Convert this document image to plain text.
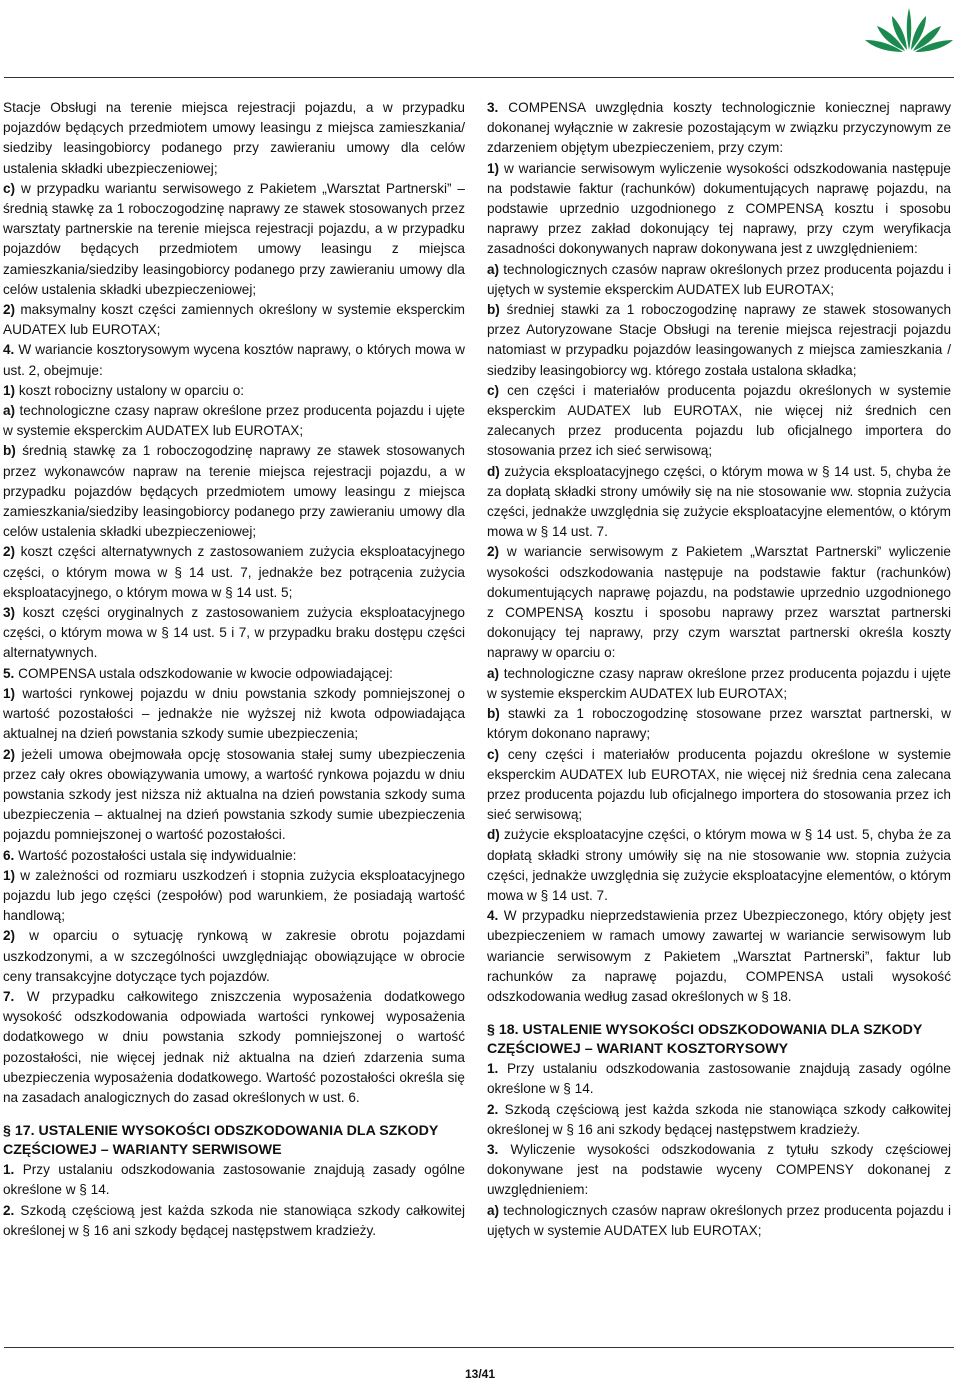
Stacje Obsługi na terenie miejsca rejestracji pojazdu, a w przypadku pojazdów będących przedmiotem umowy leasingu z miejsca zamieszkania/ siedziby leasingobiorcy podanego przy zawieraniu umowy dla celów ustalenia składki ubezpieczeniowej;

c) w przypadku wariantu serwisowego z Pakietem „Warsztat Partnerski” – średnią stawkę za 1 roboczogodzinę naprawy ze stawek stosowanych przez warsztaty partnerskie na terenie miejsca rejestracji pojazdu, a w przypadku pojazdów będących przedmiotem umowy leasingu z miejsca zamieszkania/siedziby leasingobiorcy podanego przy zawieraniu umowy dla celów ustalenia składki ubezpieczeniowej;

2) maksymalny koszt części zamiennych określony w systemie eksperckim AUDATEX lub EUROTAX;

4. W wariancie kosztorysowym wycena kosztów naprawy, o których mowa w ust. 2, obejmuje:

1) koszt robocizny ustalony w oparciu o:

a) technologiczne czasy napraw określone przez producenta pojazdu i ujęte w systemie eksperckim AUDATEX lub EUROTAX;

b) średnią stawkę za 1 roboczogodzinę naprawy ze stawek stosowanych przez wykonawców napraw na terenie miejsca rejestracji pojazdu, a w przypadku pojazdów będących przedmiotem umowy leasingu z miejsca zamieszkania/siedziby leasingobiorcy podanego przy zawieraniu umowy dla celów ustalenia składki ubezpieczeniowej;

2) koszt części alternatywnych z zastosowaniem zużycia eksploatacyjnego części, o którym mowa w § 14 ust. 7, jednakże bez potrącenia zużycia eksploatacyjnego, o którym mowa w § 14 ust. 5;

3) koszt części oryginalnych z zastosowaniem zużycia eksploatacyjnego części, o którym mowa w § 14 ust. 5 i 7, w przypadku braku dostępu części alternatywnych.

5. COMPENSA ustala odszkodowanie w kwocie odpowiadającej:

1) wartości rynkowej pojazdu w dniu powstania szkody pomniejszonej o wartość pozostałości – jednakże nie wyższej niż kwota odpowiadająca aktualnej na dzień powstania szkody sumie ubezpieczenia;

2) jeżeli umowa obejmowała opcję stosowania stałej sumy ubezpieczenia przez cały okres obowiązywania umowy, a wartość rynkowa pojazdu w dniu powstania szkody jest niższa niż aktualna na dzień powstania szkody suma ubezpieczenia – aktualnej na dzień powstania szkody sumie ubezpieczenia pojazdu pomniejszonej o wartość pozostałości.

6. Wartość pozostałości ustala się indywidualnie:

1) w zależności od rozmiaru uszkodzeń i stopnia zużycia eksploatacyjnego pojazdu lub jego części (zespołów) pod warunkiem, że posiadają wartość handlową;

2) w oparciu o sytuację rynkową w zakresie obrotu pojazdami uszkodzonymi, a w szczególności uwzględniając obowiązujące w obrocie ceny transakcyjne dotyczące tych pojazdów.

7. W przypadku całkowitego zniszczenia wyposażenia dodatkowego wysokość odszkodowania odpowiada wartości rynkowej wyposażenia dodatkowego w dniu powstania szkody pomniejszonej o wartość pozostałości, nie więcej jednak niż aktualna na dzień zdarzenia suma ubezpieczenia wyposażenia dodatkowego. Wartość pozostałości określa się na zasadach analogicznych do zasad określonych w ust. 6.

§ 17. USTALENIE WYSOKOŚCI ODSZKODOWANIA DLA SZKODY CZĘŚCIOWEJ – WARIANTY SERWISOWE

1. Przy ustalaniu odszkodowania zastosowanie znajdują zasady ogólne określone w § 14.

2. Szkodą częściową jest każda szkoda nie stanowiąca szkody całkowitej określonej w § 16 ani szkody będącej następstwem kradzieży.

3. COMPENSA uwzględnia koszty technologicznie koniecznej naprawy dokonanej wyłącznie w zakresie pozostającym w związku przyczynowym ze zdarzeniem objętym ubezpieczeniem, przy czym:

1) w wariancie serwisowym wyliczenie wysokości odszkodowania następuje na podstawie faktur (rachunków) dokumentujących naprawę pojazdu, na podstawie uprzednio uzgodnionego z COMPENSĄ kosztu i sposobu naprawy przez zakład dokonujący tej naprawy, przy czym weryfikacja zasadności dokonywanych napraw dokonywana jest z uwzględnieniem:

a) technologicznych czasów napraw określonych przez producenta pojazdu i ujętych w systemie eksperckim AUDATEX lub EUROTAX;

b) średniej stawki za 1 roboczogodzinę naprawy ze stawek stosowanych przez Autoryzowane Stacje Obsługi na terenie miejsca rejestracji pojazdu natomiast w przypadku pojazdów leasingowanych z miejsca zamieszkania / siedziby leasingobiorcy wg. którego została ustalona składka;

c) cen części i materiałów producenta pojazdu określonych w systemie eksperckim AUDATEX lub EUROTAX, nie więcej niż średnich cen zalecanych przez producenta pojazdu lub oficjalnego importera do stosowania przez ich sieć serwisową;

d) zużycia eksploatacyjnego części, o którym mowa w § 14 ust. 5, chyba że za dopłatą składki strony umówiły się na nie stosowanie ww. stopnia zużycia części, jednakże uwzględnia się zużycie eksploatacyjne elementów, o którym mowa w § 14 ust. 7.

2) w wariancie serwisowym z Pakietem „Warsztat Partnerski” wyliczenie wysokości odszkodowania następuje na podstawie faktur (rachunków) dokumentujących naprawę pojazdu, na podstawie uprzednio uzgodnionego z COMPENSĄ kosztu i sposobu naprawy przez warsztat partnerski dokonujący tej naprawy, przy czym warsztat partnerski określa koszty naprawy w oparciu o:

a) technologiczne czasy napraw określone przez producenta pojazdu i ujęte w systemie eksperckim AUDATEX lub EUROTAX;

b) stawki za 1 roboczogodzinę stosowane przez warsztat partnerski, w którym dokonano naprawy;

c) ceny części i materiałów producenta pojazdu określone w systemie eksperckim AUDATEX lub EUROTAX, nie więcej niż średnia cena zalecana przez producenta pojazdu lub oficjalnego importera do stosowania przez ich sieć serwisową;

d) zużycie eksploatacyjne części, o którym mowa w § 14 ust. 5, chyba że za dopłatą składki strony umówiły się na nie stosowanie ww. stopnia zużycia części, jednakże uwzględnia się zużycie eksploatacyjne elementów, o którym mowa w § 14 ust. 7.

4. W przypadku nieprzedstawienia przez Ubezpieczonego, który objęty jest ubezpieczeniem w ramach umowy zawartej w wariancie serwisowym lub wariancie serwisowym z Pakietem „Warsztat Partnerski”, faktur lub rachunków za naprawę pojazdu, COMPENSA ustali wysokość odszkodowania według zasad określonych w § 18.

§ 18. USTALENIE WYSOKOŚCI ODSZKODOWANIA DLA SZKODY CZĘŚCIOWEJ – WARIANT KOSZTORYSOWY

1. Przy ustalaniu odszkodowania zastosowanie znajdują zasady ogólne określone w § 14.

2. Szkodą częściową jest każda szkoda nie stanowiąca szkody całkowitej określonej w § 16 ani szkody będącej następstwem kradzieży.

3. Wyliczenie wysokości odszkodowania z tytułu szkody częściowej dokonywane jest na podstawie wyceny COMPENSY dokonanej z uwzględnieniem:

a) technologicznych czasów napraw określonych przez producenta pojazdu i ujętych w systemie AUDATEX lub EUROTAX;

13/41
